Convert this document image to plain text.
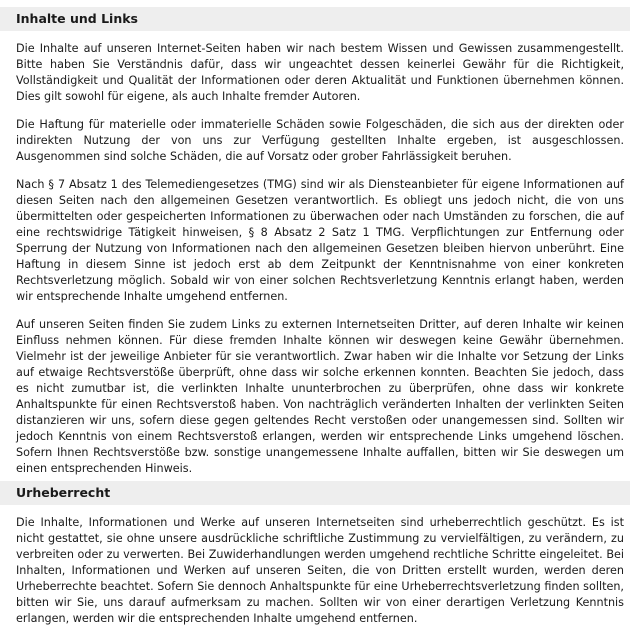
Inhalte und Links

Die Inhalte auf unseren Internet-Seiten haben wir nach bestem Wissen und Gewissen zusammengestellt. Bitte haben Sie Verständnis dafür, dass wir ungeachtet dessen keinerlei Gewähr für die Richtigkeit, Vollständigkeit und Qualität der Informationen oder deren Aktualität und Funktionen übernehmen können. Dies gilt sowohl für eigene, als auch Inhalte fremder Autoren.

Die Haftung für materielle oder immaterielle Schäden sowie Folgeschäden, die sich aus der direkten oder indirekten Nutzung der von uns zur Verfügung gestellten Inhalte ergeben, ist ausgeschlossen. Ausgenommen sind solche Schäden, die auf Vorsatz oder grober Fahrlässigkeit beruhen.

Nach § 7 Absatz 1 des Telemediengesetzes (TMG) sind wir als Diensteanbieter für eigene Informationen auf diesen Seiten nach den allgemeinen Gesetzen verantwortlich. Es obliegt uns jedoch nicht, die von uns übermittelten oder gespeicherten Informationen zu überwachen oder nach Umständen zu forschen, die auf eine rechtswidrige Tätigkeit hinweisen, § 8 Absatz 2 Satz 1 TMG. Verpflichtungen zur Entfernung oder Sperrung der Nutzung von Informationen nach den allgemeinen Gesetzen bleiben hiervon unberührt. Eine Haftung in diesem Sinne ist jedoch erst ab dem Zeitpunkt der Kenntnisnahme von einer konkreten Rechtsverletzung möglich. Sobald wir von einer solchen Rechtsverletzung Kenntnis erlangt haben, werden wir entsprechende Inhalte umgehend entfernen.

Auf unseren Seiten finden Sie zudem Links zu externen Internetseiten Dritter, auf deren Inhalte wir keinen Einfluss nehmen können. Für diese fremden Inhalte können wir deswegen keine Gewähr übernehmen. Vielmehr ist der jeweilige Anbieter für sie verantwortlich. Zwar haben wir die Inhalte vor Setzung der Links auf etwaige Rechtsverstöße überprüft, ohne dass wir solche erkennen konnten. Beachten Sie jedoch, dass es nicht zumutbar ist, die verlinkten Inhalte ununterbrochen zu überprüfen, ohne dass wir konkrete Anhaltspunkte für einen Rechtsverstoß haben. Von nachträglich veränderten Inhalten der verlinkten Seiten distanzieren wir uns, sofern diese gegen geltendes Recht verstoßen oder unangemessen sind. Sollten wir jedoch Kenntnis von einem Rechtsverstoß erlangen, werden wir entsprechende Links umgehend löschen. Sofern Ihnen Rechtsverstöße bzw. sonstige unangemessene Inhalte auffallen, bitten wir Sie deswegen um einen entsprechenden Hinweis.

Urheberrecht

Die Inhalte, Informationen und Werke auf unseren Internetseiten sind urheberrechtlich geschützt. Es ist nicht gestattet, sie ohne unsere ausdrückliche schriftliche Zustimmung zu vervielfältigen, zu verändern, zu verbreiten oder zu verwerten. Bei Zuwiderhandlungen werden umgehend rechtliche Schritte eingeleitet. Bei Inhalten, Informationen und Werken auf unseren Seiten, die von Dritten erstellt wurden, werden deren Urheberrechte beachtet. Sofern Sie dennoch Anhaltspunkte für eine Urheberrechtsverletzung finden sollten, bitten wir Sie, uns darauf aufmerksam zu machen. Sollten wir von einer derartigen Verletzung Kenntnis erlangen, werden wir die entsprechenden Inhalte umgehend entfernen.
